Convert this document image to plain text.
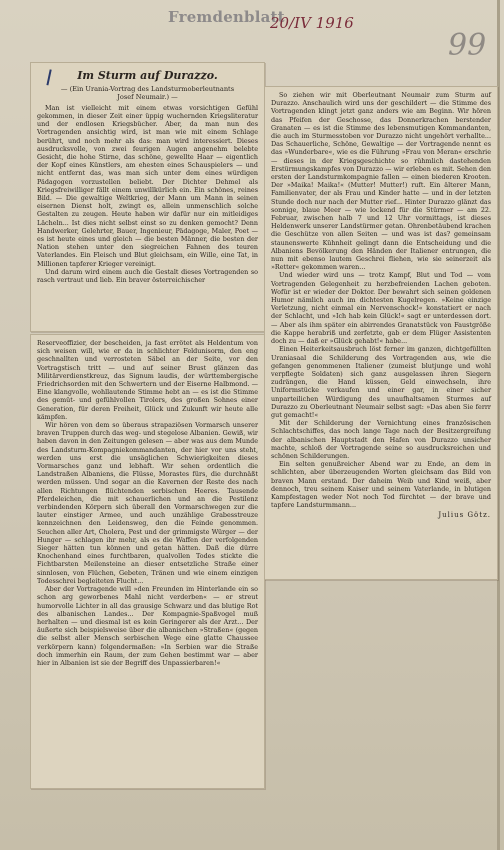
Fremdenblatt
20/IV 1916
99
Im Sturm auf Durazzo.
— (Ein Urania-Vortrag des Landsturmoberleutnants
Josef Neumair.) —

Man ist vielleicht mit einem etwas vorsichtigen Gefühl gekommen, in dieser Zeit einer üppig wuchernden Kriegsliteratur und der endlosen Kriegsbücher. Aber, da man nun des Vortragenden ansichtig wird, ist man wie mit einem Schlage berührt, und noch mehr als das: man wird interessiert. Dieses ausdrucksvolle, von zwei feurigen Augen angenehm belebte Gesicht, die hohe Stirne, das schöne, gewellte Haar — eigentlich der Kopf eines Künstlers, am ehesten eines Schauspielers — und nicht entfernt das, was man sich unter dem eines würdigen Pädagogen vorzustellen beliebt. Der Dichter Dehmel als Kriegsfreiwilliger fällt einem unwillkürlich ein. Ein schönes, reines Bild. — Die gewaltige Weltkrieg, der Mann um Mann in seinen eisernen Dienst holt, zwingt es, allein unmenschlich solche Gestalten zu zeugen. Heute haben wir dafür nur ein mitleidiges Lächeln... Ist dies nicht selbst einst so zu denken gemocht? Denn Handwerker, Gelehrter, Bauer, Ingenieur, Pädagoge, Maler, Poet — es ist heute eines und gleich — die besten Männer, die besten der Nation stehen unter den siegreichen Fahnen des teuren Vaterlandes. Ein Fleisch und Blut gleichsam, ein Wille, eine Tat, in Millionen tapferer Krieger vereinigt.

Und darum wird einem auch die Gestalt dieses Vortragenden so rasch vertraut und lieb. Ein braver österreichischer

Reserveoffizier, der bescheiden, ja fast errötet als Heldentum von sich weisen will, wie er da in schlichter Feldunisorm, den eng geschnallten und verrosteten Säbel an der Seite, vor den Vortragstisch tritt — und auf seiner Brust glänzen das Militärverdienstkreuz, das Signum laudis, der württembergische Friedrichsorden mit den Schwertern und der Eiserne Halbmond. — Eine klangvolle, wohllautende Stimme hebt an — es ist die Stimme des gemüt- und gefühlvollen Tirolers, des großen Sohnes einer Generation, für deren Freiheit, Glück und Zukunft wir heute alle kämpfen.

Wir hören von dem so überaus strapaziösen Vormarsch unserer braven Truppen durch das weg- und stegelose Albanien. Gewiß, wir haben davon in den Zeitungen gelesen — aber was aus dem Munde des Landsturm-Kompagniekommandanten, der hier vor uns steht, werden uns erst die unsäglichen Schwierigkeiten dieses Vormarsches ganz und lebhaft. Wir sehen ordentlich die Landstraßen Albaniens, die Flüsse, Morastes fürs, die durchnäßt werden müssen. Und sogar an die Kavernen der Reste des nach allen Richtungen flüchtenden serbischen Heeres. Tausende Pferdeleichen, die mit schauerlichen und an die Pestilenz verbindenden Körpern sich überall den Vormarschwegen zur die lauter einstiger Armee, und auch unzählige Grabesstreuze kennzeichnen den Leidensweg, den die Feinde genommen. Seuchen aller Art, Cholera, Pest und der grimmigste Würger — der Hunger — schlagen ihr mehr, als es die Waffen der verfolgenden Sieger hätten tun können und getan hätten. Daß die dürre Knochenhand eines furchtbaren, qualvollen Todes stickte die Fichtbarsten Meilensteine an dieser entsetzliche Straße einer sinnlosen, von Flüchen, Gebeten, Tränen und wie einem einzigen Todesschrei begleiteten Flucht...

Aber der Vortragende will »den Freunden im Hinterlande ein so schon arg geworbenes Mahl nicht verderben« — er streut humorvolle Lichter in all das grausige Schwarz und das blutige Rot des albanischen Landes... Der Kompagnie-Spaßvogel muß herhalten — und diesmal ist es kein Geringerer als der Arzt... Der äußerte sich beispielsweise über die albanischen »Straßen« (gegen die selbst aller Mensch serbischen Wege eine glatte Chaussee verkörpern kann) folgendermaßen: »In Serbien war die Straße doch immerhin ein Raum, der zum Gehen bestimmt war — aber hier in Albanien ist sie der Begriff des Unpassierbaren!«

So ziehen wir mit Oberleutnant Neumair zum Sturm auf Durazzo. Anschaulich wird uns der geschildert — die Stimme des Vortragenden klingt jetzt ganz anders wie am Beginn. Wir hören das Pfeifen der Geschosse, das Donnerkrachen berstender Granaten — es ist die Stimme des lebensmutigen Kommandanten, die auch im Sturmesstoben vor Durazzo nicht ungehört verhallte... Das Schauerliche, Schöne, Gewaltige — der Vortragende nennt es das »Wunderbare«, wie es die Führung »Frau von Meran« erschrie — dieses in der Kriegsgeschichte so rühmlich dastehenden Erstürmungskampfes von Durazzo — wir erleben es mit. Sehen den ersten der Landsturmkompagnie fallen — einen biederen Krooten. Der »Maika! Maika!« (Mutter! Mutter!) ruft. Ein älterer Mann, Familienvater, der als Frau und Kinder hatte — und in der letzten Stunde doch nur nach der Mutter rief... Hinter Durazzo glänzt das sonnige, blaue Meer — wie lockend für die Stürmer — am 22. Februar, zwischen halb 7 und 12 Uhr vormittags, ist dieses Heldenwerk unserer Landstürmer getan. Ohrenbetäubend krachen die Geschütze von allen Seiten — und was ist das? gemeinsam staunenswerte Kühnheit gelingt dann die Entscheidung und die Albaniens Bevölkerung den Händen der Italiener entrungen, die nun mit ebenso lautem Geschrei fliehen, wie sie seinerzeit als »Retter« gekommen waren...

Und wieder wird uns — trotz Kampf, Blut und Tod — vom Vortragenden Gelegenheit zu herzbefreienden Lachen geboten. Wofür ist er wieder der Doktor. Der bewahrt sich seinen goldenen Humor nämlich auch im dichtesten Kugelregen. »Keine einzige Verletzung, nicht einmal ein Nervenschock!« konstatiert er nach der Schlacht, und »Ich hab kein Glück!« sagt er unterdessen dort. — Aber als ihm später ein abirrendes Granatstück von Faustgröße die Kappe herabriß und zerfetzte, gab er dem Flüger Assistenten doch zu — daß er »Glück gehabt!« habe...

Einen Heiterkeitsausbruch löst ferner im ganzen, dichtgefüllten Uraniasaal die Schilderung des Vortragenden aus, wie die gefangen genommenen Italiener (zumeist blutjunge und wohl verpflegte Soldaten) sich ganz ausgelassen ihren Siegern zudrängen, die Hand küssen, Geld einwechseln, ihre Uniformstücke verkaufen und einer gar, in einer sicher unparteilichen Würdigung des unaufhaltsamen Sturmes auf Durazzo zu Oberleutnant Neumair selbst sagt: »Das aben Sie ferrr gut gemacht!«

Mit der Schilderung der Vernichtung eines französischen Schlachtschiffes, das noch lange Tage nach der Besitzergreifung der albanischen Hauptstadt den Hafen von Durazzo unsicher machte, schloß der Vortragende seine so ausdrucksreichen und schönen Schilderungen.

Ein selten genußreicher Abend war zu Ende, an dem in schlichten, aber überzeugenden Worten gleichsam das Bild von braven Mann erstand. Der daheim Weib und Kind weiß, aber dennoch, treu seinem Kaiser und seinem Vaterlande, in blutigen Kampfestagen weder Not noch Tod fürchtet — der brave und tapfere Landsturmmann...

Julius Götz.
